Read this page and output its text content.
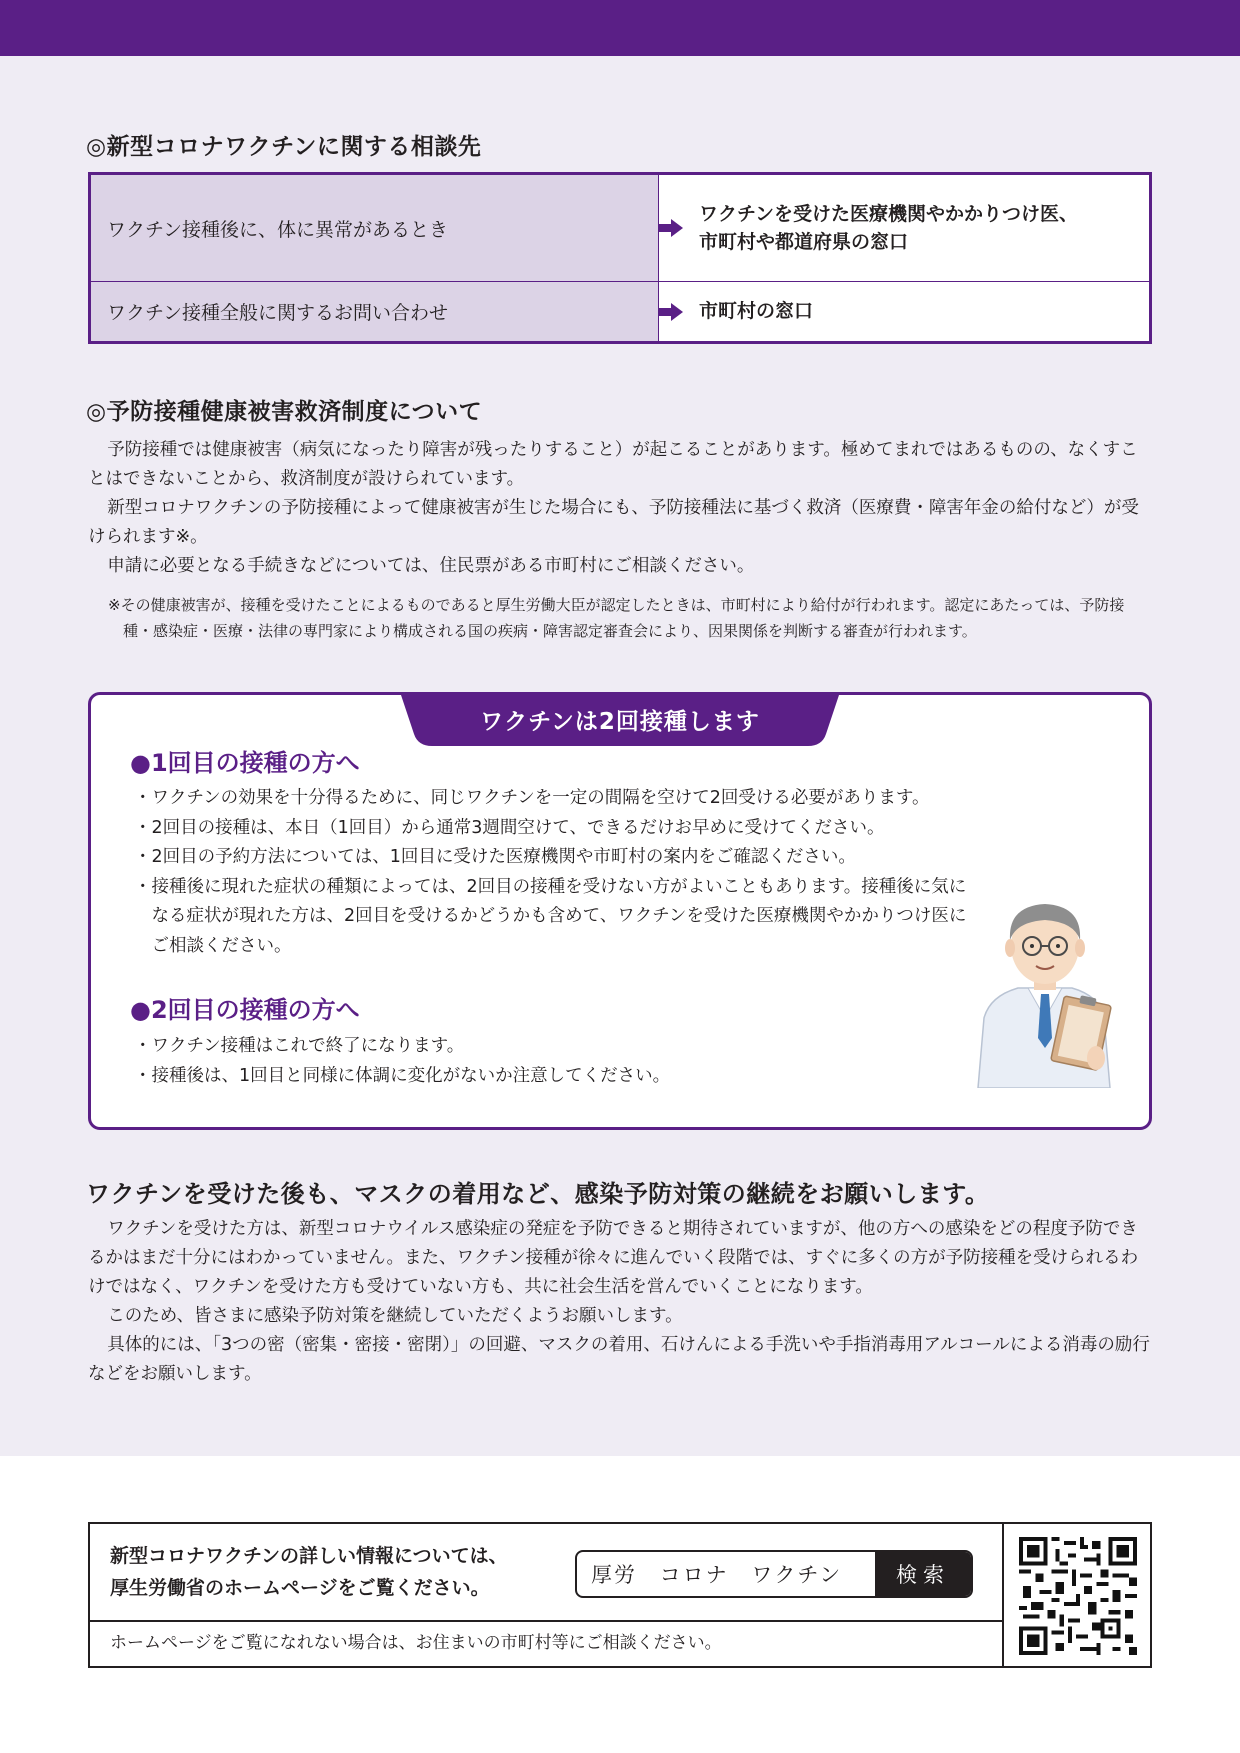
◎新型コロナワクチンに関する相談先
ワクチン接種後に、体に異常があるとき
ワクチンを受けた医療機関やかかりつけ医、
市町村や都道府県の窓口
ワクチン接種全般に関するお問い合わせ	市町村の窓口
◎予防接種健康被害救済制度について

予防接種では健康被害（病気になったり障害が残ったりすること）が起こることがあります。極めてまれではあるものの、なくすことはできないことから、救済制度が設けられています。

新型コロナワクチンの予防接種によって健康被害が生じた場合にも、予防接種法に基づく救済（医療費・障害年金の給付など）が受けられます※。

申請に必要となる手続きなどについては、住民票がある市町村にご相談ください。

※その健康被害が、接種を受けたことによるものであると厚生労働大臣が認定したときは、市町村により給付が行われます。認定にあたっては、予防接種・感染症・医療・法律の専門家により構成される国の疾病・障害認定審査会により、因果関係を判断する審査が行われます。
ワクチンは2回接種します
●1回目の接種の方へ
・ワクチンの効果を十分得るために、同じワクチンを一定の間隔を空けて2回受ける必要があります。
・2回目の接種は、本日（1回目）から通常3週間空けて、できるだけお早めに受けてください。
・2回目の予約方法については、1回目に受けた医療機関や市町村の案内をご確認ください。
・接種後に現れた症状の種類によっては、2回目の接種を受けない方がよいこともあります。接種後に気になる症状が現れた方は、2回目を受けるかどうかも含めて、ワクチンを受けた医療機関やかかりつけ医にご相談ください。
●2回目の接種の方へ
・ワクチン接種はこれで終了になります。
・接種後は、1回目と同様に体調に変化がないか注意してください。
ワクチンを受けた後も、マスクの着用など、感染予防対策の継続をお願いします。

ワクチンを受けた方は、新型コロナウイルス感染症の発症を予防できると期待されていますが、他の方への感染をどの程度予防できるかはまだ十分にはわかっていません。また、ワクチン接種が徐々に進んでいく段階では、すぐに多くの方が予防接種を受けられるわけではなく、ワクチンを受けた方も受けていない方も、共に社会生活を営んでいくことになります。

このため、皆さまに感染予防対策を継続していただくようお願いします。

具体的には、「3つの密（密集・密接・密閉）」の回避、マスクの着用、石けんによる手洗いや手指消毒用アルコールによる消毒の励行などをお願いします。

新型コロナワクチンの詳しい情報については、
厚生労働省のホームページをご覧ください。
厚労 コロナ ワクチン	検索
ホームページをご覧になれない場合は、お住まいの市町村等にご相談ください。
